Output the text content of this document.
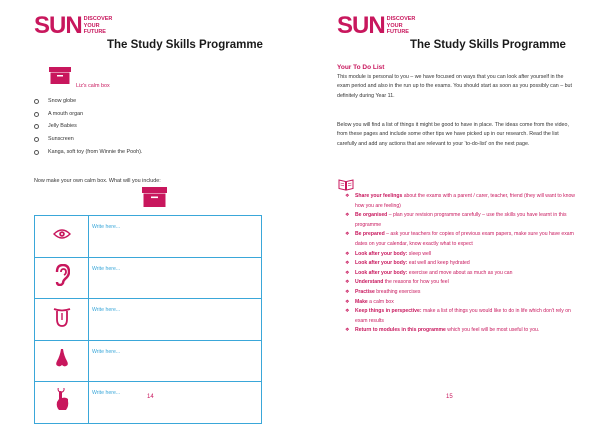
SUN DISCOVER
YOUR
FUTURE
The Study Skills Programme
Liz's calm box
Snow globe
A mouth organ
Jelly Babies
Sunscreen
Kanga, soft toy (from Winnie the Pooh).
Now make your own calm box. What will you include:
	Write here...
	Write here...
	Write here...
	Write here...
	Write here...
14
SUN DISCOVER
YOUR
FUTURE
The Study Skills Programme
Your To Do List

This module is personal to you – we have focused on ways that you can look after yourself in the exam period and also in the run up to the exams. You should start as soon as you possibly can – but definitely during Year 11.

Below you will find a list of things it might be good to have in place. The ideas come from the video, from these pages and include some other tips we have picked up in our research. Read the list carefully and add any actions that are relevant to your ‘to-do-list’ on the next page.

❖ Share your feelings about the exams with a parent / carer, teacher, friend (they will want to know how you are feeling)
❖ Be organised – plan your revision programme carefully – use the skills you have learnt in this programme
❖ Be prepared – ask your teachers for copies of previous exam papers, make sure you have exam dates on your calendar, know exactly what to expect
❖ Look after your body: sleep well
❖ Look after your body: eat well and keep hydrated
❖ Look after your body: exercise and move about as much as you can
❖ Understand the reasons for how you feel
❖ Practise breathing exercises
❖ Make a calm box
❖ Keep things in perspective: make a list of things you would like to do in life which don't rely on exam results
❖ Return to modules in this programme which you feel will be most useful to you.
15
